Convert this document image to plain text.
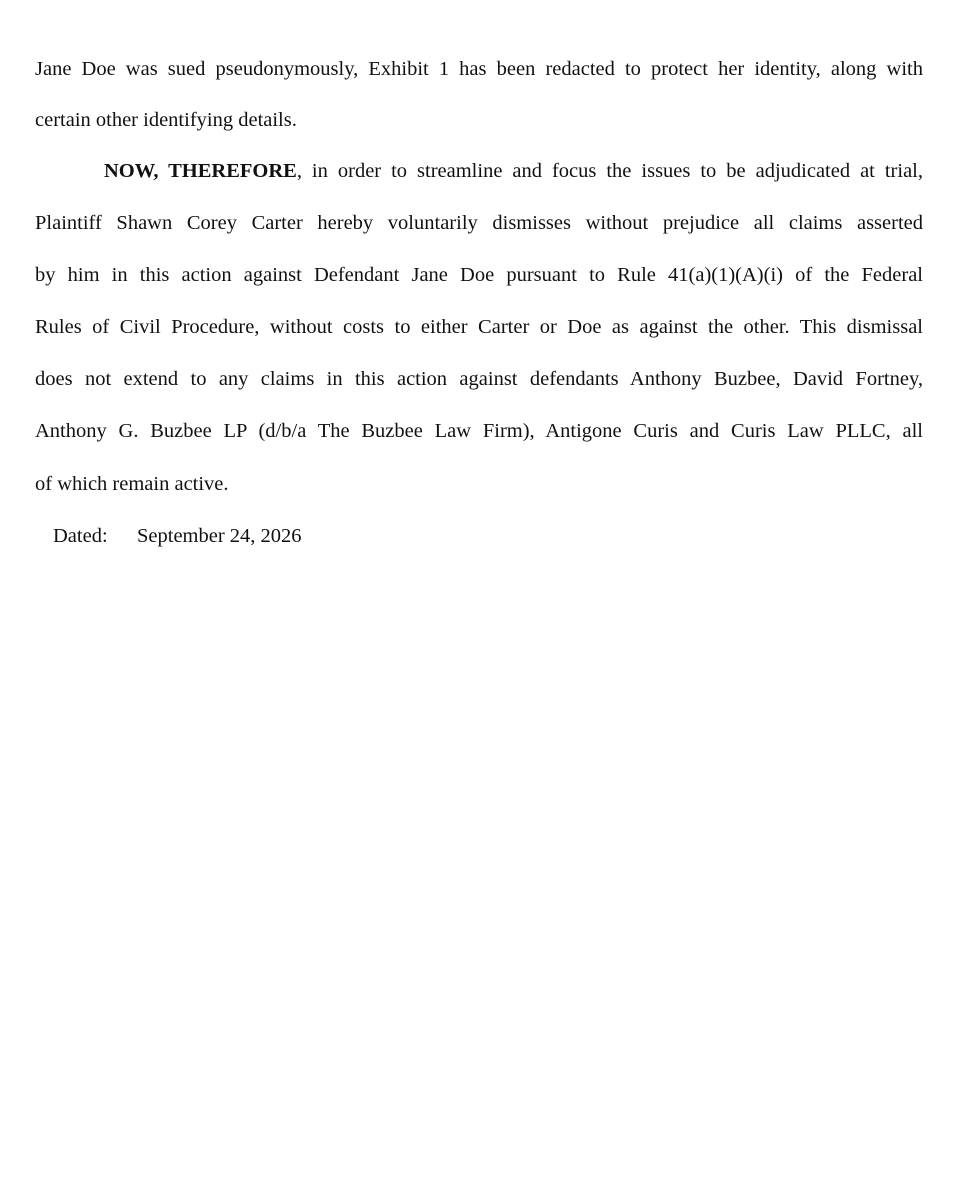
Jane Doe was sued pseudonymously, Exhibit 1 has been redacted to protect her identity, along with
certain other identifying details.
NOW, THEREFORE, in order to streamline and focus the issues to be adjudicated at trial,
Plaintiff Shawn Corey Carter hereby voluntarily dismisses without prejudice all claims asserted
by him in this action against Defendant Jane Doe pursuant to Rule 41(a)(1)(A)(i) of the Federal
Rules of Civil Procedure, without costs to either Carter or Doe as against the other. This dismissal
does not extend to any claims in this action against defendants Anthony Buzbee, David Fortney,
Anthony G. Buzbee LP (d/b/a The Buzbee Law Firm), Antigone Curis and Curis Law PLLC, all
of which remain active.
Dated: September 24, 2026
